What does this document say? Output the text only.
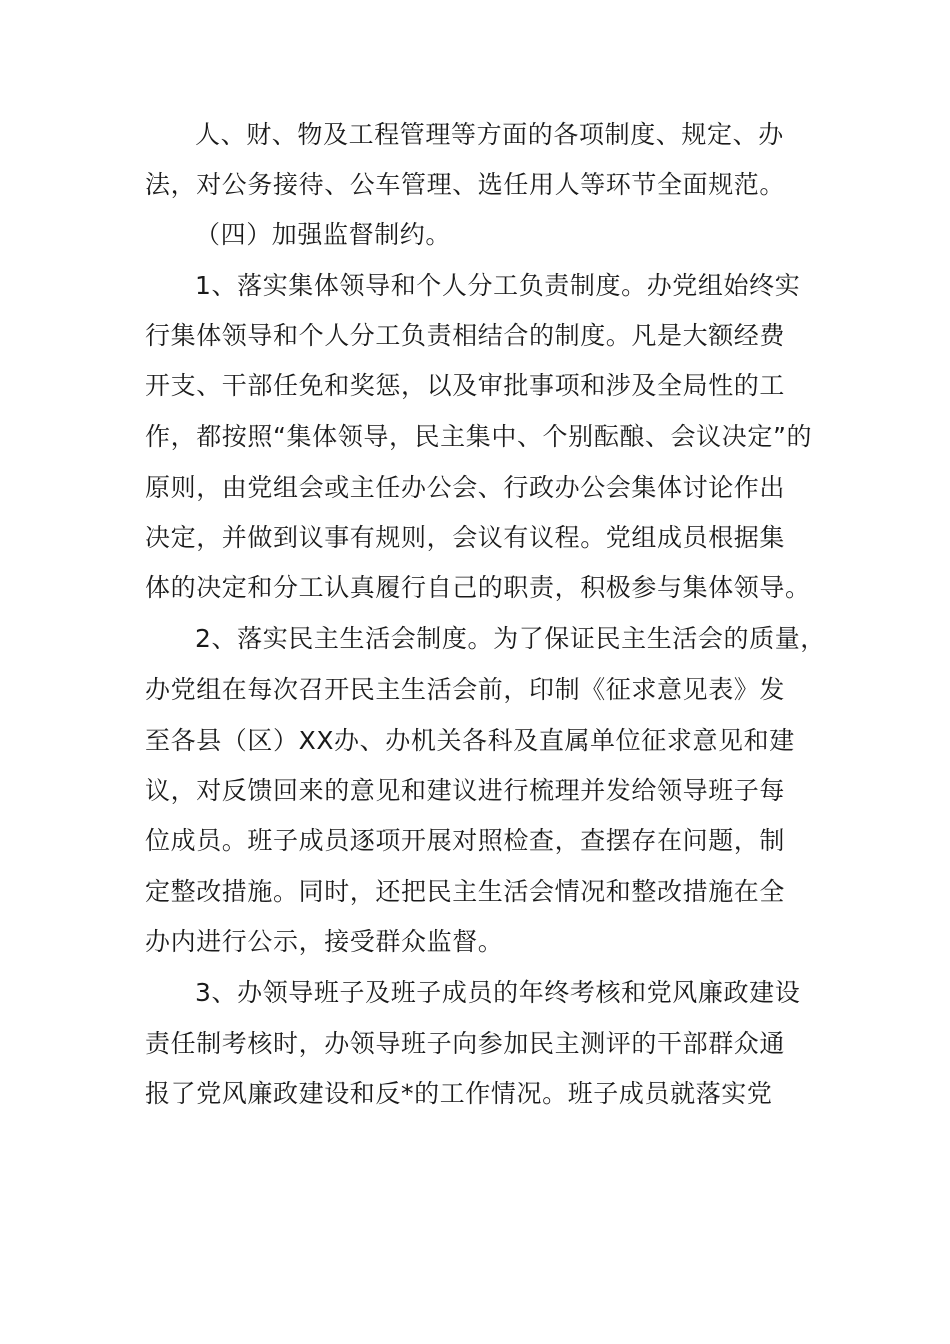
人、财、物及工程管理等方面的各项制度、规定、办
法，对公务接待、公车管理、选任用人等环节全面规范。
（四）加强监督制约。
1、落实集体领导和个人分工负责制度。办党组始终实
行集体领导和个人分工负责相结合的制度。凡是大额经费
开支、干部任免和奖惩，以及审批事项和涉及全局性的工
作，都按照“集体领导，民主集中、个别酝酿、会议决定”的
原则，由党组会或主任办公会、行政办公会集体讨论作出
决定，并做到议事有规则，会议有议程。党组成员根据集
体的决定和分工认真履行自己的职责，积极参与集体领导。
2、落实民主生活会制度。为了保证民主生活会的质量，
办党组在每次召开民主生活会前，印制《征求意见表》发
至各县（区）XX办、办机关各科及直属单位征求意见和建
议，对反馈回来的意见和建议进行梳理并发给领导班子每
位成员。班子成员逐项开展对照检查，查摆存在问题，制
定整改措施。同时，还把民主生活会情况和整改措施在全
办内进行公示，接受群众监督。
3、办领导班子及班子成员的年终考核和党风廉政建设
责任制考核时，办领导班子向参加民主测评的干部群众通
报了党风廉政建设和反*的工作情况。班子成员就落实党
